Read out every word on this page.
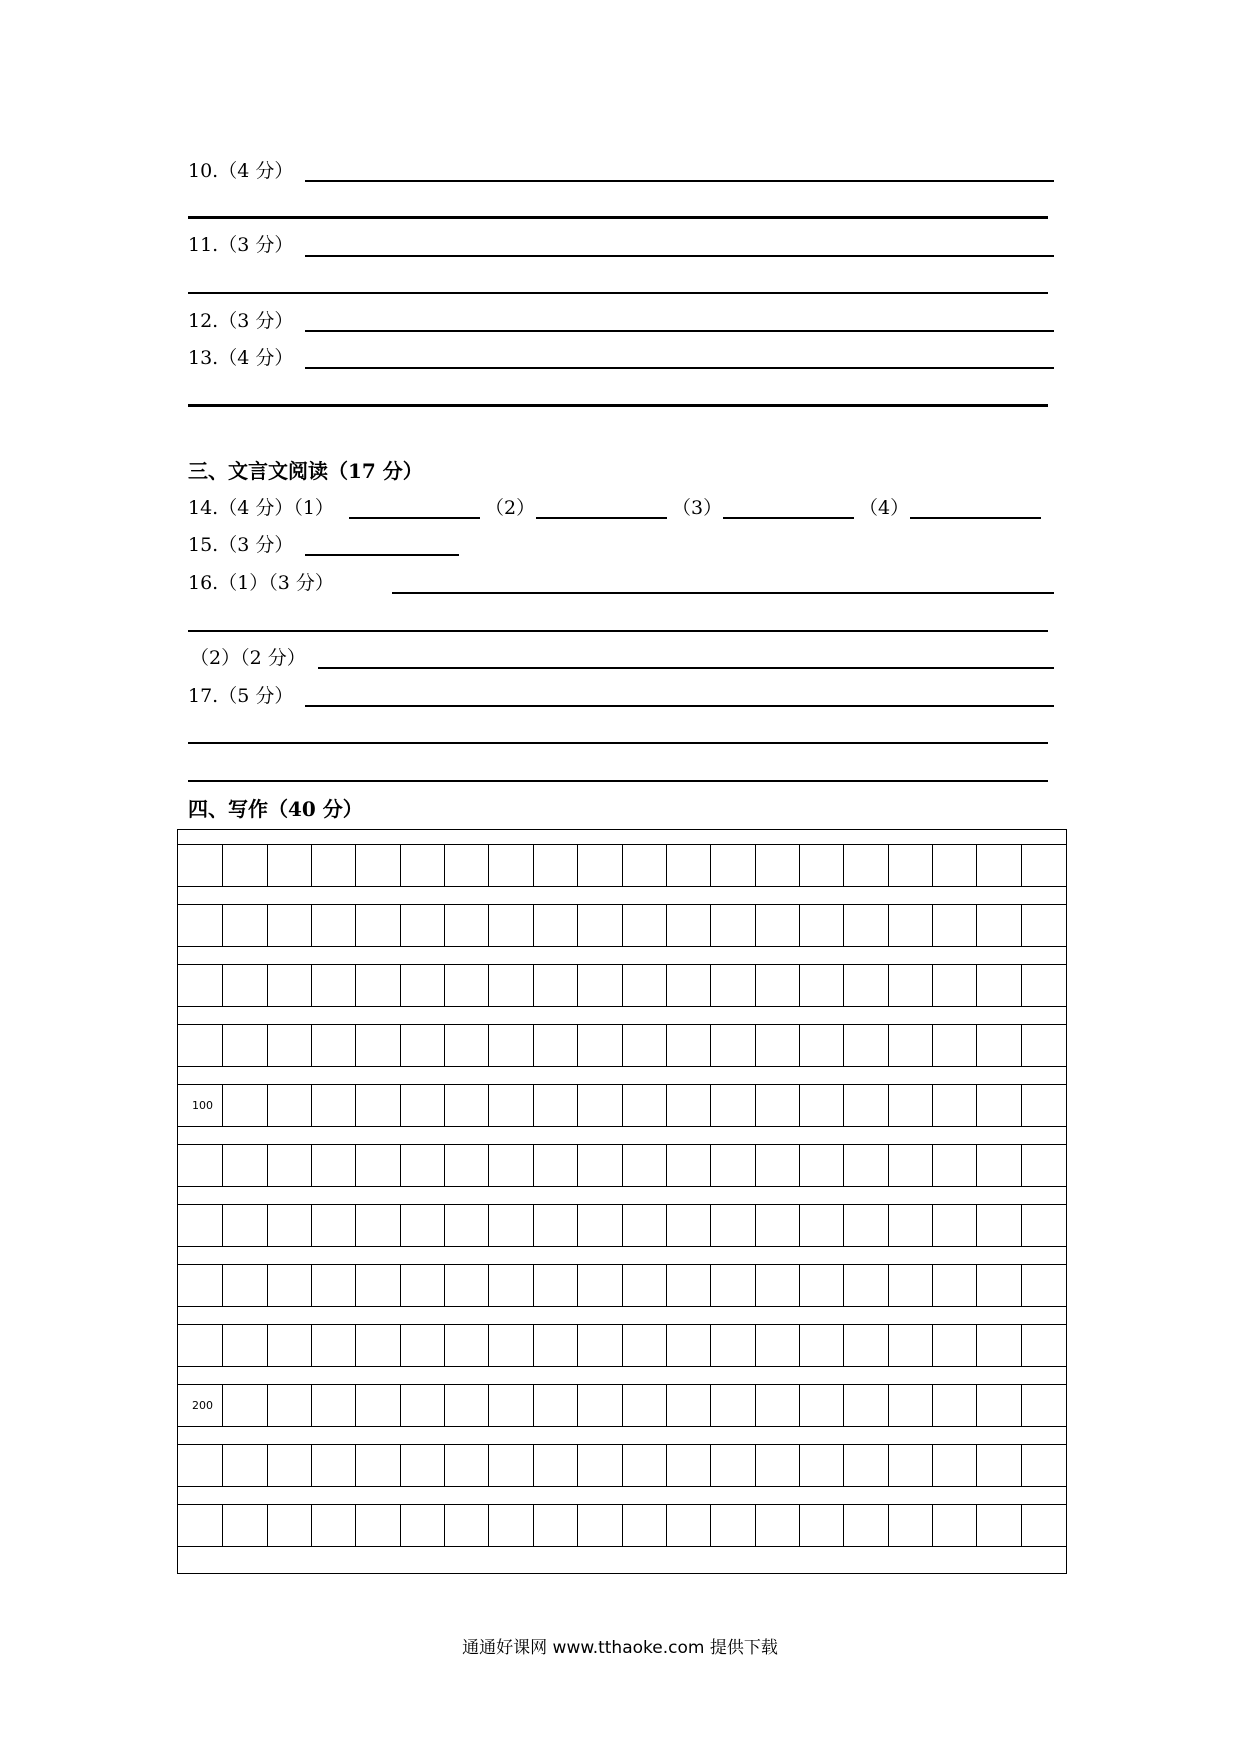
10.（4 分）
11.（3 分）
12.（3 分）
13.（4 分）
三、文言文阅读（17 分）
14.（4 分）（1）	（2）	（3）	（4）
15.（3 分）
16.（1）（3 分）
（2）（2 分）
17.（5 分）
四、写作（40 分）
100
200
通通好课网 www.tthaoke.com 提供下载
